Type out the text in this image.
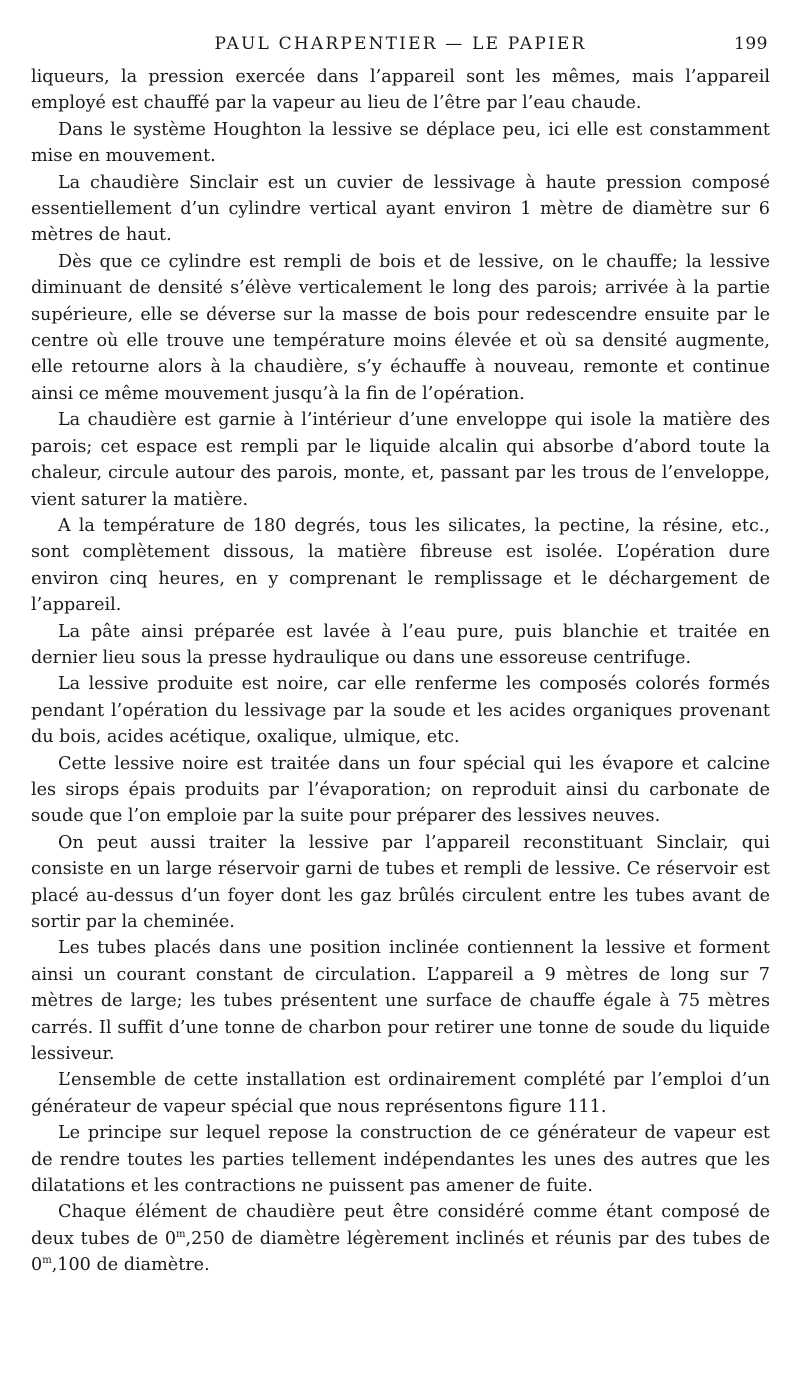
PAUL CHARPENTIER — LE PAPIER	199

liqueurs, la pression exercée dans l’appareil sont les mêmes, mais l’appareil employé est chauffé par la vapeur au lieu de l’être par l’eau chaude.

Dans le système Houghton la lessive se déplace peu, ici elle est constamment mise en mouvement.

La chaudière Sinclair est un cuvier de lessivage à haute pression composé essentiellement d’un cylindre vertical ayant environ 1 mètre de diamètre sur 6 mètres de haut.

Dès que ce cylindre est rempli de bois et de lessive, on le chauffe; la lessive diminuant de densité s’élève verticalement le long des parois; arrivée à la partie supérieure, elle se déverse sur la masse de bois pour redescendre ensuite par le centre où elle trouve une température moins élevée et où sa densité augmente, elle retourne alors à la chaudière, s’y échauffe à nouveau, remonte et continue ainsi ce même mouvement jusqu’à la fin de l’opération.

La chaudière est garnie à l’intérieur d’une enveloppe qui isole la matière des parois; cet espace est rempli par le liquide alcalin qui absorbe d’abord toute la chaleur, circule autour des parois, monte, et, passant par les trous de l’enveloppe, vient saturer la matière.

A la température de 180 degrés, tous les silicates, la pectine, la résine, etc., sont complètement dissous, la matière fibreuse est isolée. L’opération dure environ cinq heures, en y comprenant le remplissage et le déchargement de l’appareil.

La pâte ainsi préparée est lavée à l’eau pure, puis blanchie et traitée en dernier lieu sous la presse hydraulique ou dans une essoreuse centrifuge.

La lessive produite est noire, car elle renferme les composés colorés formés pendant l’opération du lessivage par la soude et les acides organiques provenant du bois, acides acétique, oxalique, ulmique, etc.

Cette lessive noire est traitée dans un four spécial qui les évapore et calcine les sirops épais produits par l’évaporation; on reproduit ainsi du carbonate de soude que l’on emploie par la suite pour préparer des lessives neuves.

On peut aussi traiter la lessive par l’appareil reconstituant Sinclair, qui consiste en un large réservoir garni de tubes et rempli de lessive. Ce réservoir est placé au-dessus d’un foyer dont les gaz brûlés circulent entre les tubes avant de sortir par la cheminée.

Les tubes placés dans une position inclinée contiennent la lessive et forment ainsi un courant constant de circulation. L’appareil a 9 mètres de long sur 7 mètres de large; les tubes présentent une surface de chauffe égale à 75 mètres carrés. Il suffit d’une tonne de charbon pour retirer une tonne de soude du liquide lessiveur.

L’ensemble de cette installation est ordinairement complété par l’emploi d’un générateur de vapeur spécial que nous représentons figure 111.

Le principe sur lequel repose la construction de ce générateur de vapeur est de rendre toutes les parties tellement indépendantes les unes des autres que les dilatations et les contractions ne puissent pas amener de fuite.

Chaque élément de chaudière peut être considéré comme étant composé de deux tubes de 0$^m$,250 de diamètre légèrement inclinés et réunis par des tubes de 0$^m$,100 de diamètre.
